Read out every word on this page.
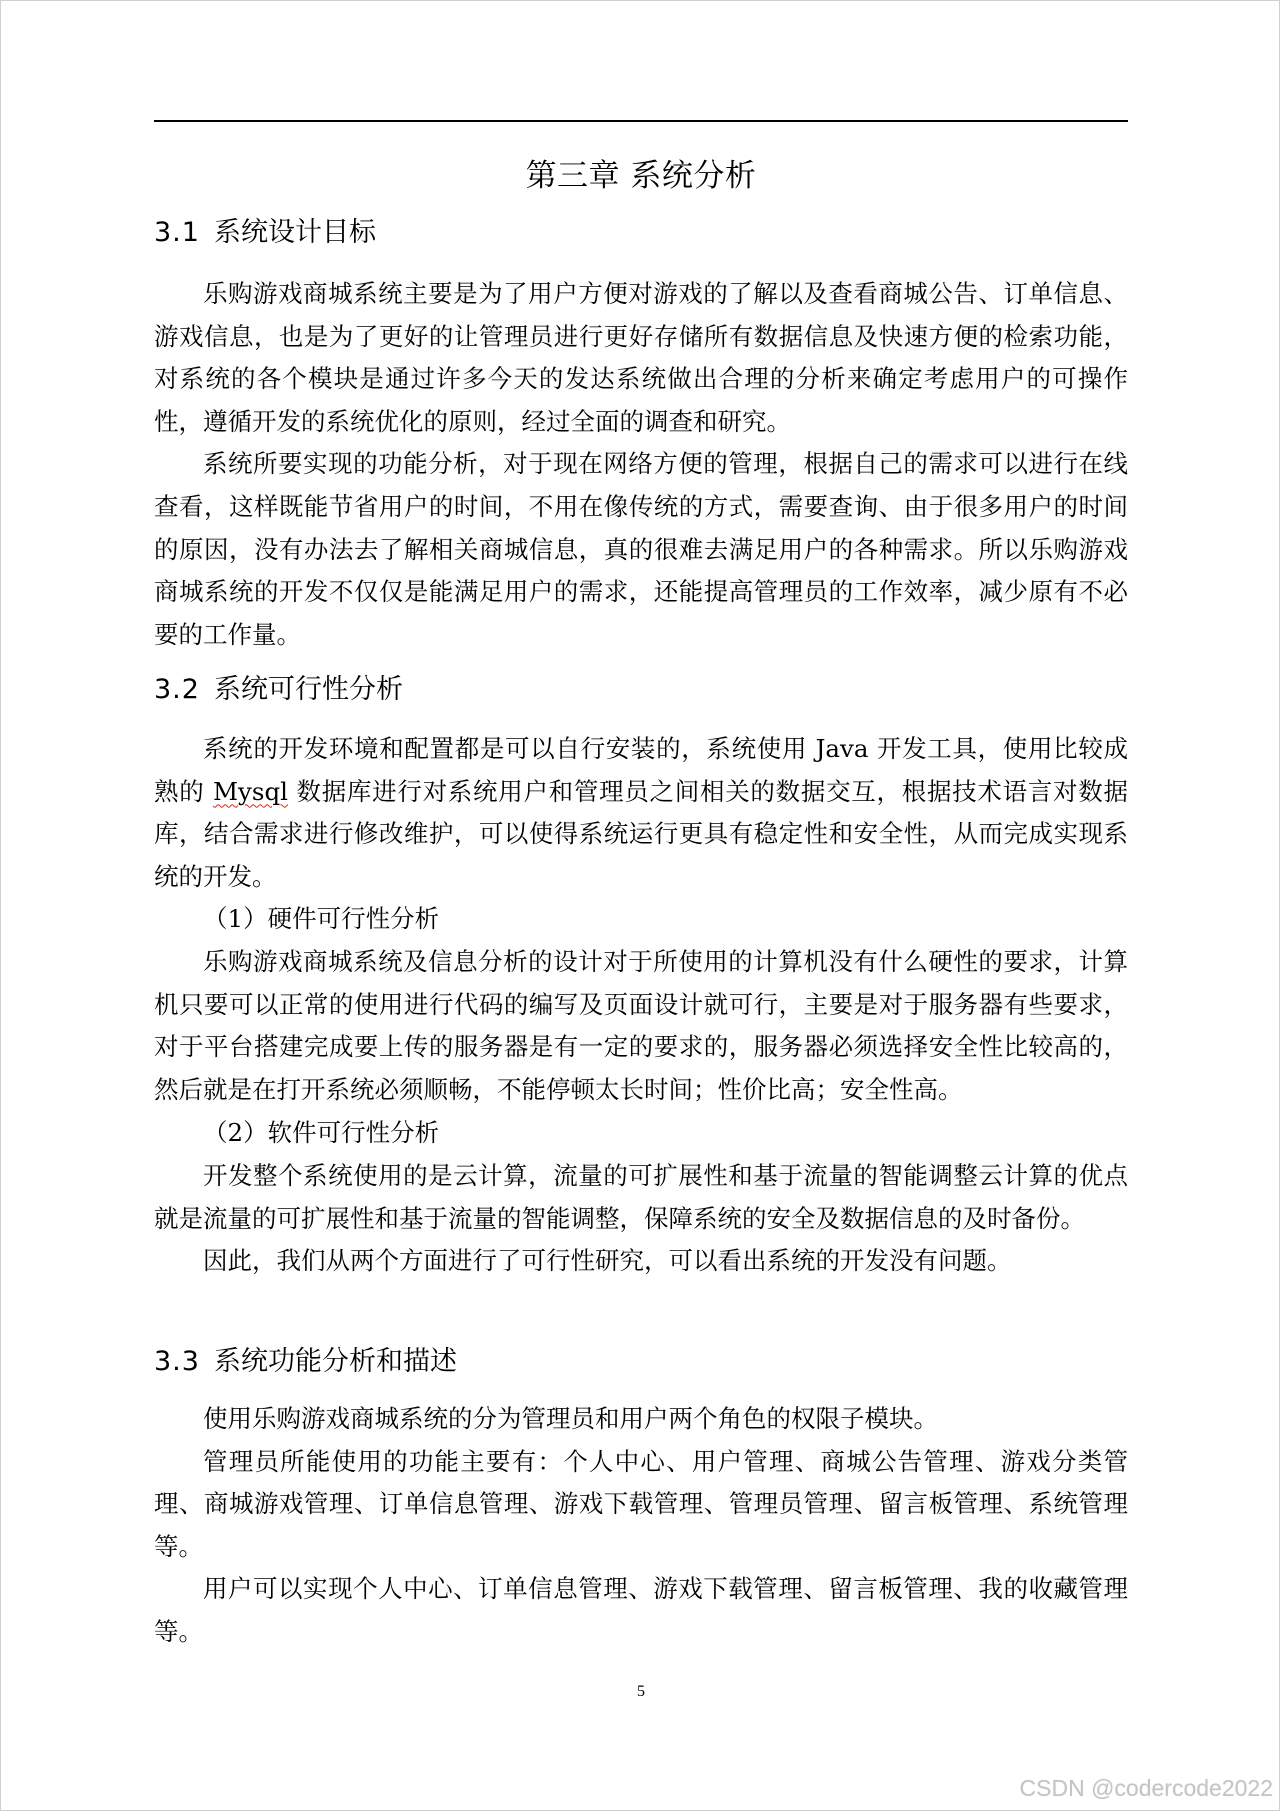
第三章 系统分析
3.1 系统设计目标

乐购游戏商城系统主要是为了用户方便对游戏的了解以及查看商城公告、订单信息、游戏信息，也是为了更好的让管理员进行更好存储所有数据信息及快速方便的检索功能，对系统的各个模块是通过许多今天的发达系统做出合理的分析来确定考虑用户的可操作性，遵循开发的系统优化的原则，经过全面的调查和研究。

系统所要实现的功能分析，对于现在网络方便的管理，根据自己的需求可以进行在线查看，这样既能节省用户的时间，不用在像传统的方式，需要查询、由于很多用户的时间的原因，没有办法去了解相关商城信息，真的很难去满足用户的各种需求。所以乐购游戏商城系统的开发不仅仅是能满足用户的需求，还能提高管理员的工作效率，减少原有不必要的工作量。

3.2 系统可行性分析

系统的开发环境和配置都是可以自行安装的，系统使用 Java 开发工具，使用比较成熟的 Mysql 数据库进行对系统用户和管理员之间相关的数据交互，根据技术语言对数据库，结合需求进行修改维护，可以使得系统运行更具有稳定性和安全性，从而完成实现系统的开发。

（1）硬件可行性分析

乐购游戏商城系统及信息分析的设计对于所使用的计算机没有什么硬性的要求，计算机只要可以正常的使用进行代码的编写及页面设计就可行，主要是对于服务器有些要求，对于平台搭建完成要上传的服务器是有一定的要求的，服务器必须选择安全性比较高的，然后就是在打开系统必须顺畅，不能停顿太长时间；性价比高；安全性高。

（2）软件可行性分析

开发整个系统使用的是云计算，流量的可扩展性和基于流量的智能调整云计算的优点就是流量的可扩展性和基于流量的智能调整，保障系统的安全及数据信息的及时备份。

因此，我们从两个方面进行了可行性研究，可以看出系统的开发没有问题。

3.3 系统功能分析和描述

使用乐购游戏商城系统的分为管理员和用户两个角色的权限子模块。

管理员所能使用的功能主要有：个人中心、用户管理、商城公告管理、游戏分类管理、商城游戏管理、订单信息管理、游戏下载管理、管理员管理、留言板管理、系统管理等。

用户可以实现个人中心、订单信息管理、游戏下载管理、留言板管理、我的收藏管理等。

5
CSDN @codercode2022
